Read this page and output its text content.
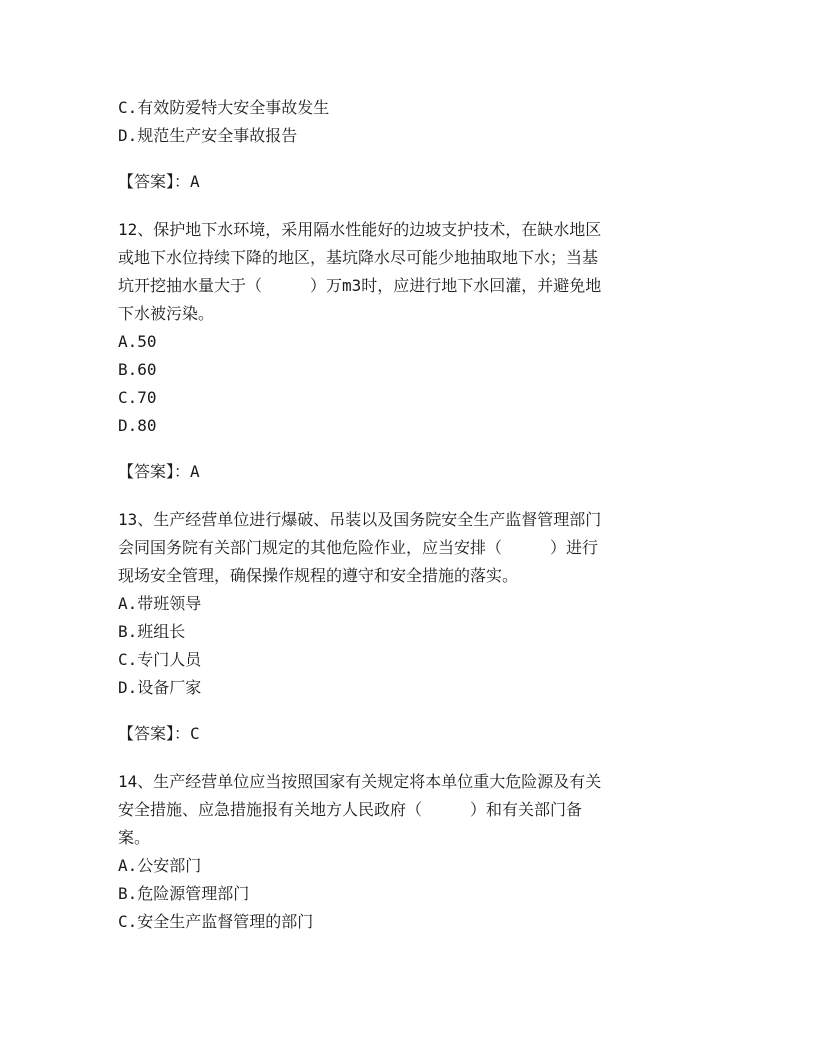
C.有效防爱特大安全事故发生
D.规范生产安全事故报告
【答案】：A
12、保护地下水环境，采用隔水性能好的边坡支护技术，在缺水地区
或地下水位持续下降的地区，基坑降水尽可能少地抽取地下水；当基
坑开挖抽水量大于（　　　）万m3时，应进行地下水回灌，并避免地
下水被污染。
A.50
B.60
C.70
D.80
【答案】：A
13、生产经营单位进行爆破、吊装以及国务院安全生产监督管理部门
会同国务院有关部门规定的其他危险作业，应当安排（　　　）进行
现场安全管理，确保操作规程的遵守和安全措施的落实。
A.带班领导
B.班组长
C.专门人员
D.设备厂家
【答案】：C
14、生产经营单位应当按照国家有关规定将本单位重大危险源及有关
安全措施、应急措施报有关地方人民政府（　　　）和有关部门备
案。
A.公安部门
B.危险源管理部门
C.安全生产监督管理的部门
